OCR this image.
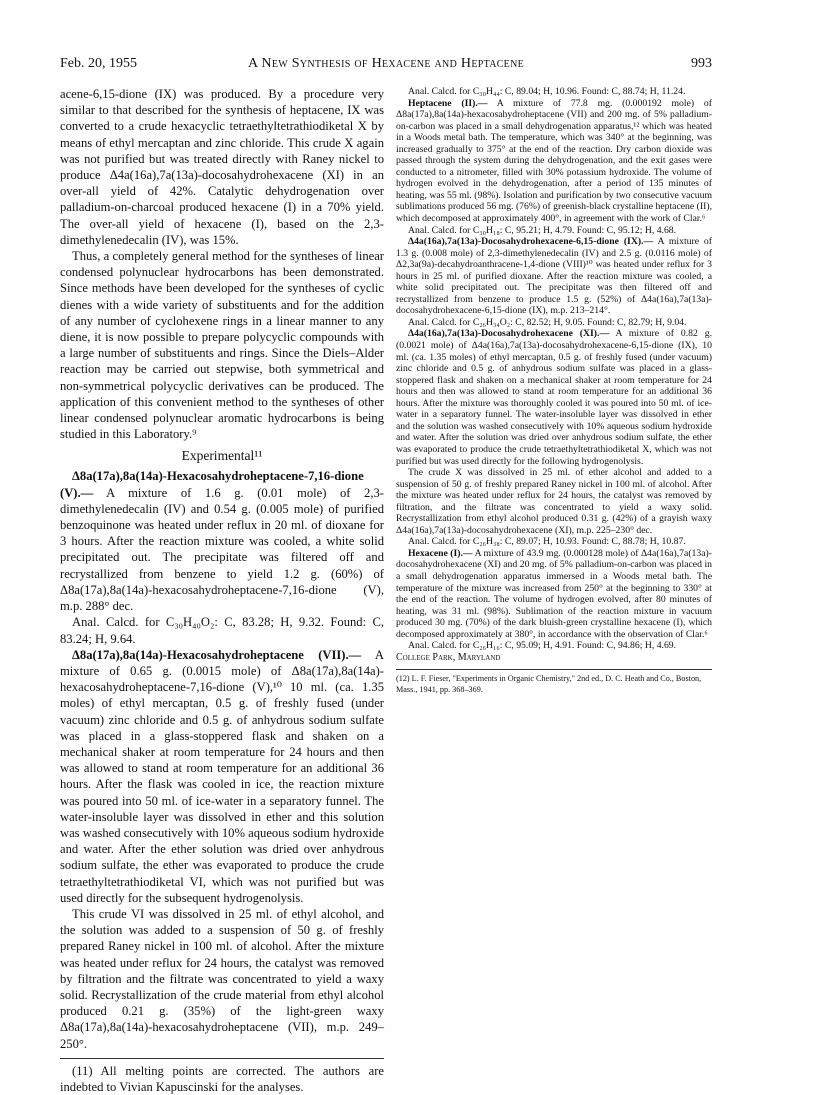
Feb. 20, 1955	A New Synthesis of Hexacene and Heptacene	993

acene-6,15-dione (IX) was produced. By a procedure very similar to that described for the synthesis of heptacene, IX was converted to a crude hexacyclic tetraethyltetrathiodiketal X by means of ethyl mercaptan and zinc chloride. This crude X again was not purified but was treated directly with Raney nickel to produce Δ4a(16a),7a(13a)-docosahydrohexacene (XI) in an over-all yield of 42%. Catalytic dehydrogenation over palladium-on-charcoal produced hexacene (I) in a 70% yield. The over-all yield of hexacene (I), based on the 2,3-dimethylenedecalin (IV), was 15%.

Thus, a completely general method for the syntheses of linear condensed polynuclear hydrocarbons has been demonstrated. Since methods have been developed for the syntheses of cyclic dienes with a wide variety of substituents and for the addition of any number of cyclohexene rings in a linear manner to any diene, it is now possible to prepare polycyclic compounds with a large number of substituents and rings. Since the Diels–Alder reaction may be carried out stepwise, both symmetrical and non-symmetrical polycyclic derivatives can be produced. The application of this convenient method to the syntheses of other linear condensed polynuclear aromatic hydrocarbons is being studied in this Laboratory.⁹

Experimental¹¹

Δ8a(17a),8a(14a)-Hexacosahydroheptacene-7,16-dione (V).— A mixture of 1.6 g. (0.01 mole) of 2,3-dimethylenedecalin (IV) and 0.54 g. (0.005 mole) of purified benzoquinone was heated under reflux in 20 ml. of dioxane for 3 hours. After the reaction mixture was cooled, a white solid precipitated out. The precipitate was filtered off and recrystallized from benzene to yield 1.2 g. (60%) of Δ8a(17a),8a(14a)-hexacosahydroheptacene-7,16-dione (V), m.p. 288° dec.

Anal. Calcd. for C₃₀H₄₀O₂: C, 83.28; H, 9.32. Found: C, 83.24; H, 9.64.

Δ8a(17a),8a(14a)-Hexacosahydroheptacene (VII).— A mixture of 0.65 g. (0.0015 mole) of Δ8a(17a),8a(14a)-hexacosahydroheptacene-7,16-dione (V),¹⁰ 10 ml. (ca. 1.35 moles) of ethyl mercaptan, 0.5 g. of freshly fused (under vacuum) zinc chloride and 0.5 g. of anhydrous sodium sulfate was placed in a glass-stoppered flask and shaken on a mechanical shaker at room temperature for 24 hours and then was allowed to stand at room temperature for an additional 36 hours. After the flask was cooled in ice, the reaction mixture was poured into 50 ml. of ice-water in a separatory funnel. The water-insoluble layer was dissolved in ether and this solution was washed consecutively with 10% aqueous sodium hydroxide and water. After the ether solution was dried over anhydrous sodium sulfate, the ether was evaporated to produce the crude tetraethyltetrathiodiketal VI, which was not purified but was used directly for the subsequent hydrogenolysis.

This crude VI was dissolved in 25 ml. of ethyl alcohol, and the solution was added to a suspension of 50 g. of freshly prepared Raney nickel in 100 ml. of alcohol. After the mixture was heated under reflux for 24 hours, the catalyst was removed by filtration and the filtrate was concentrated to yield a waxy solid. Recrystallization of the crude material from ethyl alcohol produced 0.21 g. (35%) of the light-green waxy Δ8a(17a),8a(14a)-hexacosahydroheptacene (VII), m.p. 249–250°.

(11) All melting points are corrected. The authors are indebted to Vivian Kapuscinski for the analyses.

Anal. Calcd. for C₃₀H₄₄: C, 89.04; H, 10.96. Found: C, 88.74; H, 11.24.

Heptacene (II).— A mixture of 77.8 mg. (0.000192 mole) of Δ8a(17a),8a(14a)-hexacosahydroheptacene (VII) and 200 mg. of 5% palladium-on-carbon was placed in a small dehydrogenation apparatus,¹² which was heated in a Woods metal bath. The temperature, which was 340° at the beginning, was increased gradually to 375° at the end of the reaction. Dry carbon dioxide was passed through the system during the dehydrogenation, and the exit gases were conducted to a nitrometer, filled with 30% potassium hydroxide. The volume of hydrogen evolved in the dehydrogenation, after a period of 135 minutes of heating, was 55 ml. (98%). Isolation and purification by two consecutive vacuum sublimations produced 56 mg. (76%) of greenish-black crystalline heptacene (II), which decomposed at approximately 400°, in agreement with the work of Clar.⁶

Anal. Calcd. for C₃₀H₁₈: C, 95.21; H, 4.79. Found: C, 95.12; H, 4.68.

Δ4a(16a),7a(13a)-Docosahydrohexacene-6,15-dione (IX).— A mixture of 1.3 g. (0.008 mole) of 2,3-dimethylenedecalin (IV) and 2.5 g. (0.0116 mole) of Δ2,3a(9a)-decahydroanthracene-1,4-dione (VIII)¹⁰ was heated under reflux for 3 hours in 25 ml. of purified dioxane. After the reaction mixture was cooled, a white solid precipitated out. The precipitate was then filtered off and recrystallized from benzene to produce 1.5 g. (52%) of Δ4a(16a),7a(13a)-docosahydrohexacene-6,15-dione (IX), m.p. 213–214°.

Anal. Calcd. for C₂₆H₃₄O₂: C, 82.52; H, 9.05. Found: C, 82.79; H, 9.04.

Δ4a(16a),7a(13a)-Docosahydrohexacene (XI).— A mixture of 0.82 g. (0.0021 mole) of Δ4a(16a),7a(13a)-docosahydrohexacene-6,15-dione (IX), 10 ml. (ca. 1.35 moles) of ethyl mercaptan, 0.5 g. of freshly fused (under vacuum) zinc chloride and 0.5 g. of anhydrous sodium sulfate was placed in a glass-stoppered flask and shaken on a mechanical shaker at room temperature for 24 hours and then was allowed to stand at room temperature for an additional 36 hours. After the mixture was thoroughly cooled it was poured into 50 ml. of ice-water in a separatory funnel. The water-insoluble layer was dissolved in ether and the solution was washed consecutively with 10% aqueous sodium hydroxide and water. After the solution was dried over anhydrous sodium sulfate, the ether was evaporated to produce the crude tetraethyltetrathiodiketal X, which was not purified but was used directly for the following hydrogenolysis.

The crude X was dissolved in 25 ml. of ether alcohol and added to a suspension of 50 g. of freshly prepared Raney nickel in 100 ml. of alcohol. After the mixture was heated under reflux for 24 hours, the catalyst was removed by filtration, and the filtrate was concentrated to yield a waxy solid. Recrystallization from ethyl alcohol produced 0.31 g. (42%) of a grayish waxy Δ4a(16a),7a(13a)-docosahydrohexacene (XI), m.p. 225–230° dec.

Anal. Calcd. for C₂₆H₃₈: C, 89.07; H, 10.93. Found: C, 88.78; H, 10.87.

Hexacene (I).— A mixture of 43.9 mg. (0.000128 mole) of Δ4a(16a),7a(13a)-docosahydrohexacene (XI) and 20 mg. of 5% palladium-on-carbon was placed in a small dehydrogenation apparatus immersed in a Woods metal bath. The temperature of the mixture was increased from 250° at the beginning to 330° at the end of the reaction. The volume of hydrogen evolved, after 80 minutes of heating, was 31 ml. (98%). Sublimation of the reaction mixture in vacuum produced 30 mg. (70%) of the dark bluish-green crystalline hexacene (I), which decomposed approximately at 380°, in accordance with the observation of Clar.⁶

Anal. Calcd. for C₂₆H₁₆: C, 95.09; H, 4.91. Found: C, 94.86; H, 4.69.

College Park, Maryland

(12) L. F. Fieser, "Experiments in Organic Chemistry," 2nd ed., D. C. Heath and Co., Boston, Mass., 1941, pp. 368–369.
